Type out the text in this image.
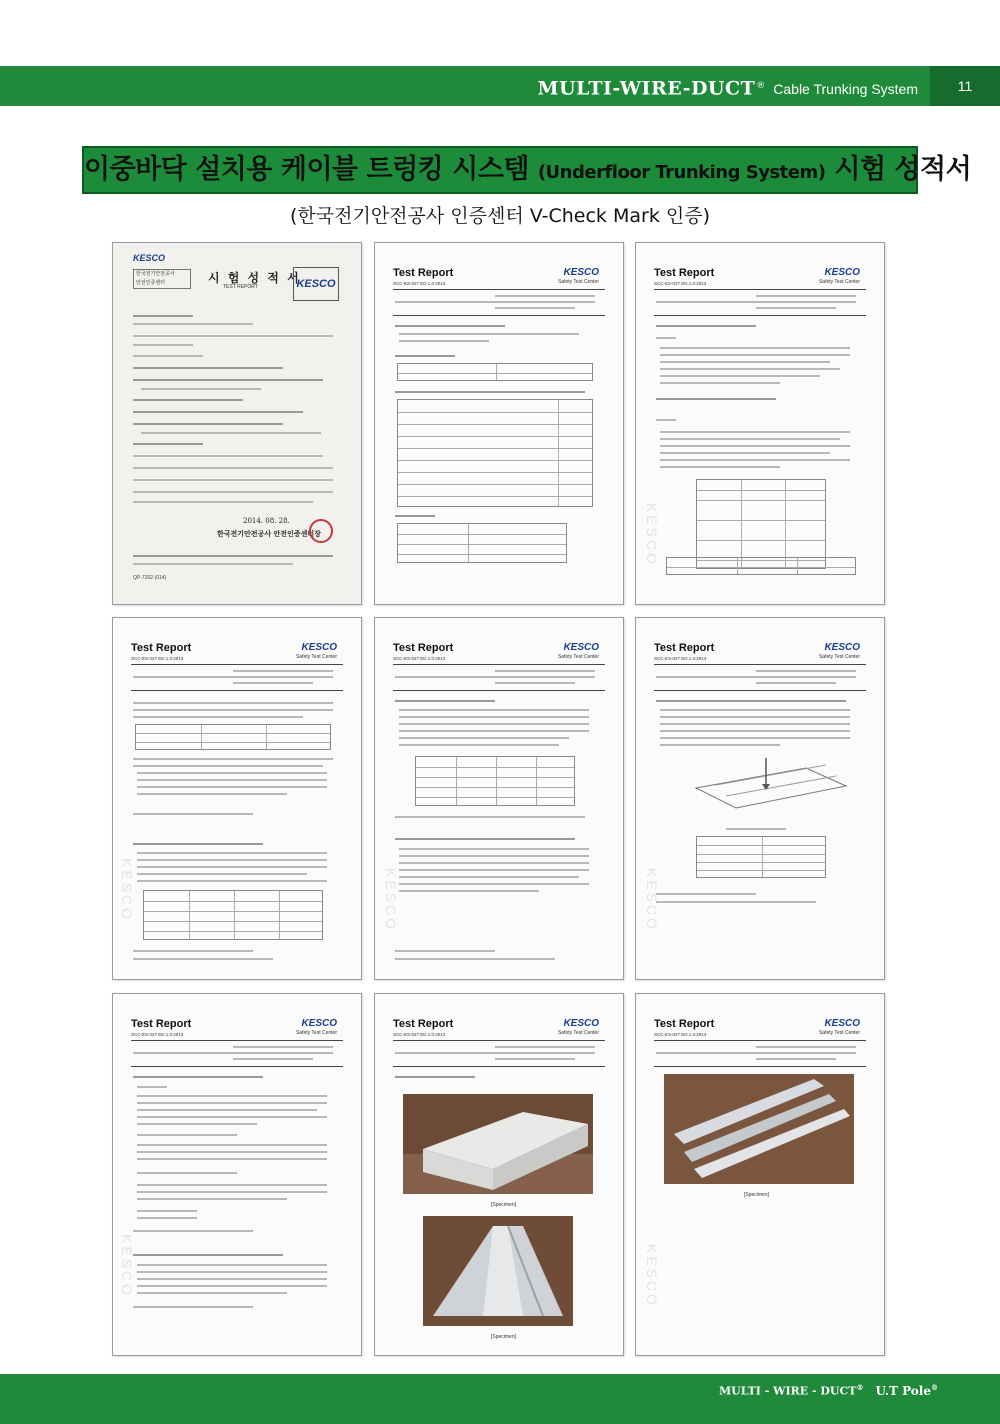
MULTI-WIRE-DUCT® Cable Trunking System	11
이중바닥 설치용 케이블 트렁킹 시스템 (Underfloor Trunking System) 시험 성적서
(한국전기안전공사 인증센터 V-Check Mark 인증)
KESCO
한국전기안전공사
안전인증센터	시 험 성 적 서
TEST REPORT	KESCO
2014. 08. 28.
한국전기안전공사 안전인증센터장
QP-7202-(014)
Test Report
SCC-ES-027 ED.1.0:2013
KESCO
Safety Test Center
Test Report
SCC-ES-027 ED.1.0:2013
KESCO
Safety Test Center
KESCO
Test Report
SCC-ES-027 ED.1.0:2013
KESCO
Safety Test Center
KESCO
Test Report
SCC-ES-027 ED.1.0:2013
KESCO
Safety Test Center
KESCO
Test Report
SCC-ES-027 ED.1.0:2013
KESCO
Safety Test Center
KESCO
Test Report
SCC-ES-027 ED.1.0:2013
KESCO
Safety Test Center
KESCO
Test Report
SCC-ES-027 ED.1.0:2013
KESCO
Safety Test Center
[Specimen]
[Specimen]
Test Report
SCC-ES-027 ED.1.0:2013
KESCO
Safety Test Center
[Specimen]
KESCO
MULTI - WIRE - DUCT® U.T Pole®
